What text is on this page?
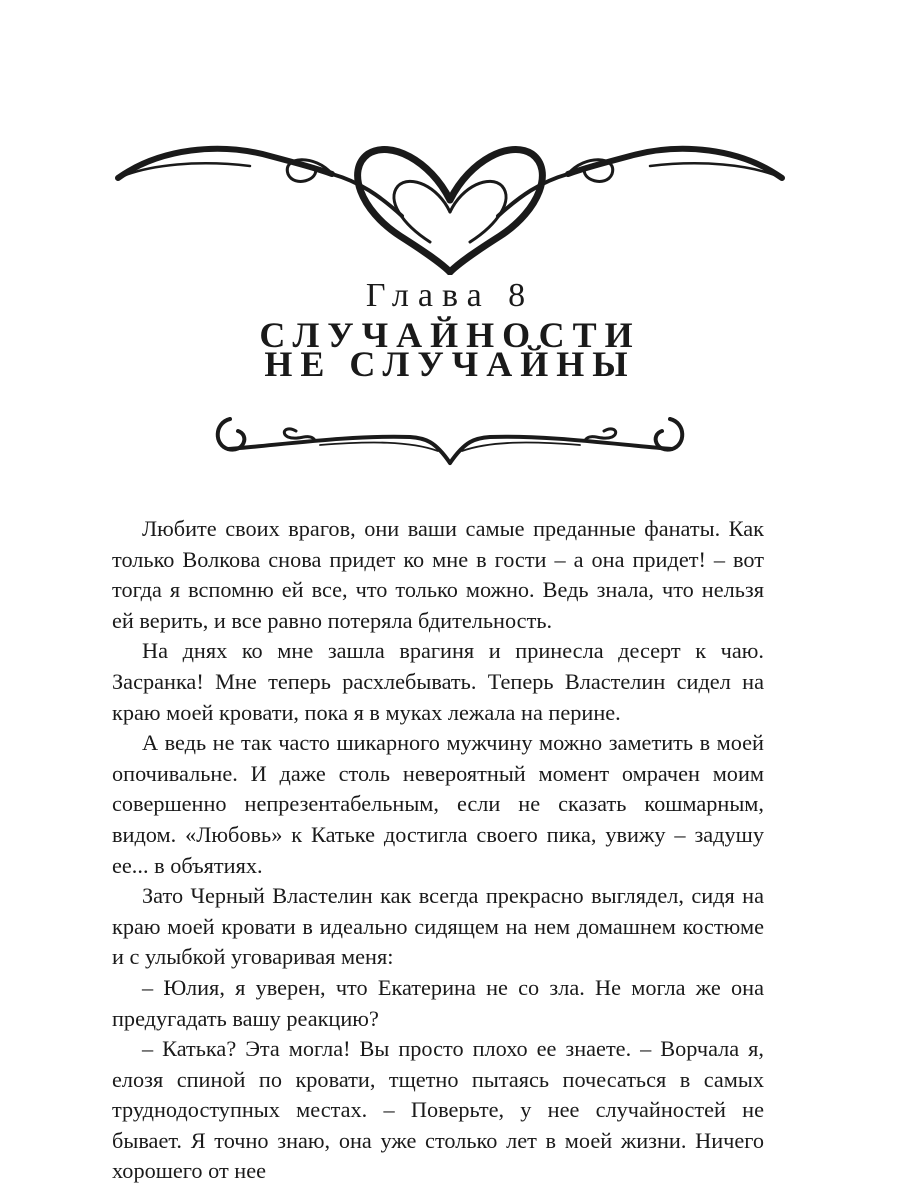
Глава 8
СЛУЧАЙНОСТИ
НЕ СЛУЧАЙНЫ

Любите своих врагов, они ваши самые преданные фанаты. Как только Волкова снова придет ко мне в гости – а она придет! – вот тогда я вспомню ей все, что только можно. Ведь знала, что нельзя ей верить, и все равно потеряла бдительность.

На днях ко мне зашла врагиня и принесла десерт к чаю. Засранка! Мне теперь расхлебывать. Теперь Властелин сидел на краю моей кровати, пока я в муках лежала на перине.

А ведь не так часто шикарного мужчину можно заметить в моей опочивальне. И даже столь невероятный момент омрачен моим совершенно непрезентабельным, если не сказать кошмарным, видом. «Любовь» к Катьке достигла своего пика, увижу – задушу ее... в объятиях.

Зато Черный Властелин как всегда прекрасно выглядел, сидя на краю моей кровати в идеально сидящем на нем домашнем костюме и с улыбкой уговаривая меня:

– Юлия, я уверен, что Екатерина не со зла. Не могла же она предугадать вашу реакцию?

– Катька? Эта могла! Вы просто плохо ее знаете. – Ворчала я, елозя спиной по кровати, тщетно пытаясь почесаться в самых труднодоступных местах. – Поверьте, у нее случайностей не бывает. Я точно знаю, она уже столько лет в моей жизни. Ничего хорошего от нее
